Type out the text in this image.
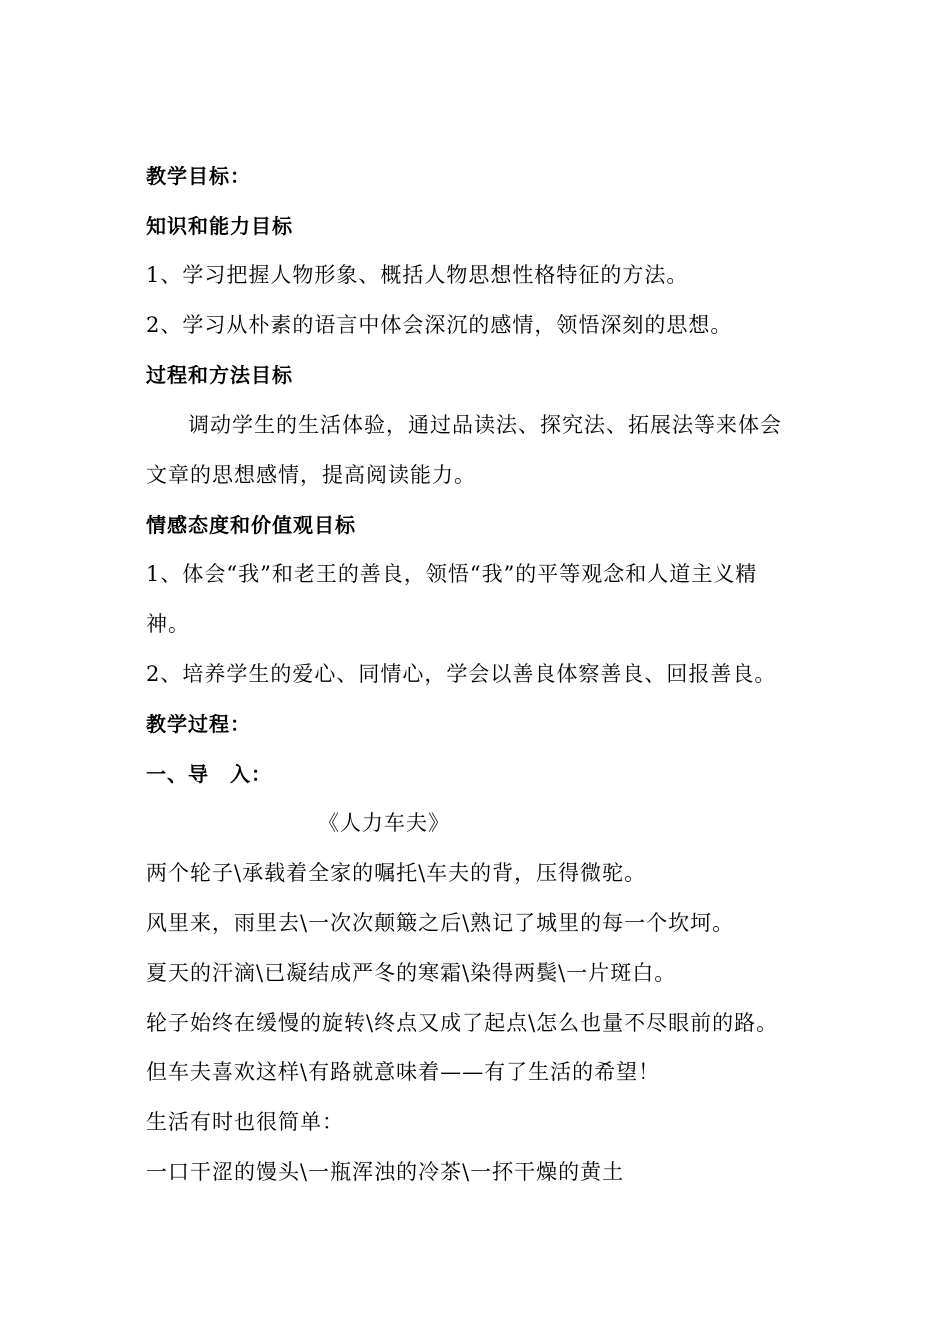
教学目标：
知识和能力目标
1、学习把握人物形象、概括人物思想性格特征的方法。
2、学习从朴素的语言中体会深沉的感情，领悟深刻的思想。
过程和方法目标
调动学生的生活体验，通过品读法、探究法、拓展法等来体会
文章的思想感情，提高阅读能力。
情感态度和价值观目标
1、体会“我”和老王的善良，领悟“我”的平等观念和人道主义精
神。
2、培养学生的爱心、同情心，学会以善良体察善良、回报善良。
教学过程：
一、导　入：
《人力车夫》
两个轮子\承载着全家的嘱托\车夫的背，压得微驼。
风里来，雨里去\一次次颠簸之后\熟记了城里的每一个坎坷。
夏天的汗滴\已凝结成严冬的寒霜\染得两鬓\一片斑白。
轮子始终在缓慢的旋转\终点又成了起点\怎么也量不尽眼前的路。
但车夫喜欢这样\有路就意味着——有了生活的希望！
生活有时也很简单：
一口干涩的馒头\一瓶浑浊的冷茶\一抔干燥的黄土
